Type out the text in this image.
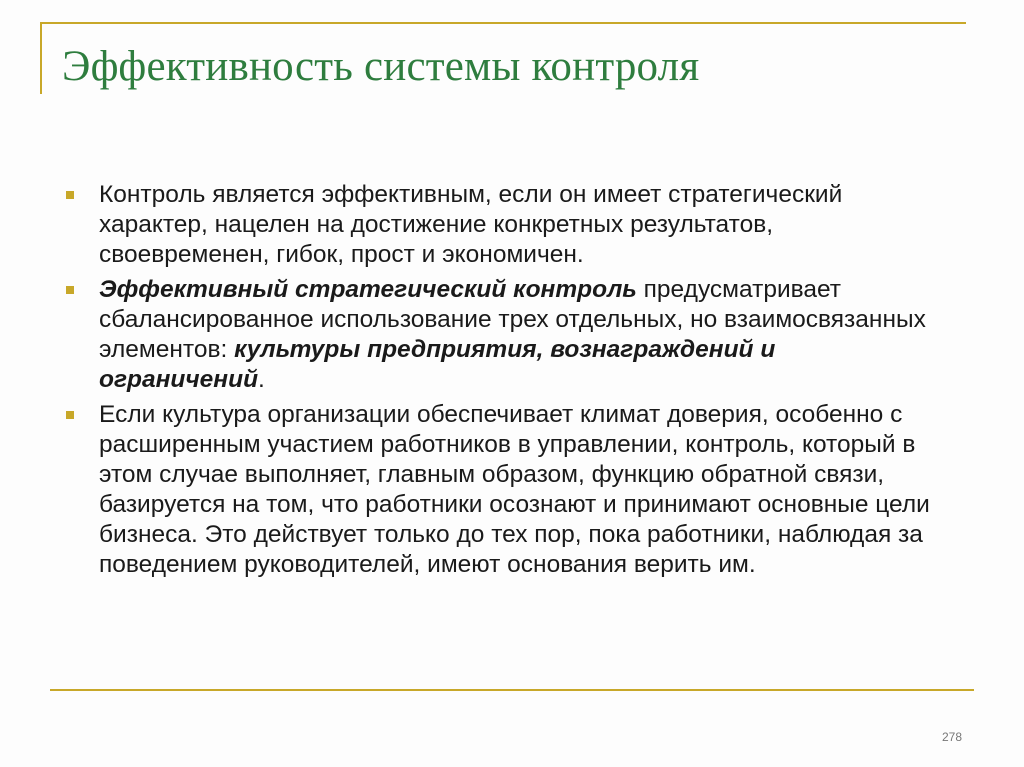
Эффективность системы контроля
Контроль является эффективным, если он имеет стратегический характер, нацелен на достижение конкретных результатов, своевременен, гибок, прост и экономичен.
Эффективный стратегический контроль предусматривает сбалансированное использование трех отдельных, но взаимосвязанных элементов: культуры предприятия, вознаграждений и ограничений.
Если культура организации обеспечивает климат доверия, особенно с расширенным участием работников в управлении, контроль, который в этом случае выполняет, главным образом, функцию обратной связи, базируется на том, что работники осознают и принимают основные цели бизнеса. Это действует только до тех пор, пока работники, наблюдая за поведением руководителей, имеют основания верить им.
278
